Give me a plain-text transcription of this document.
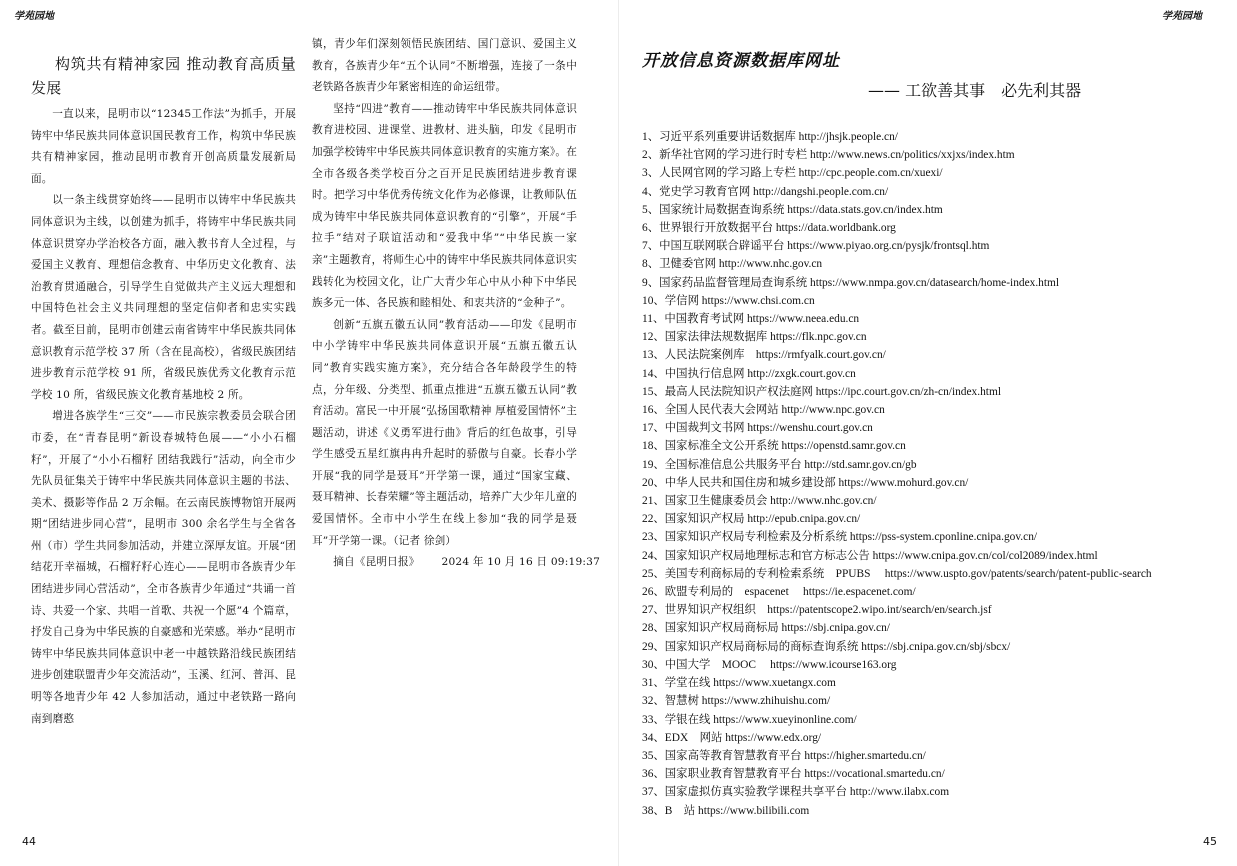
学苑园地	学苑园地
构筑共有精神家园 推动教育高质量发展

一直以来，昆明市以“12345工作法”为抓手，开展铸牢中华民族共同体意识国民教育工作，构筑中华民族共有精神家园，推动昆明市教育开创高质量发展新局面。

以一条主线贯穿始终——昆明市以铸牢中华民族共同体意识为主线，以创建为抓手，将铸牢中华民族共同体意识贯穿办学治校各方面，融入教书育人全过程，与爱国主义教育、理想信念教育、中华历史文化教育、法治教育贯通融合，引导学生自觉做共产主义远大理想和中国特色社会主义共同理想的坚定信仰者和忠实实践者。截至目前，昆明市创建云南省铸牢中华民族共同体意识教育示范学校 37 所（含在昆高校），省级民族团结进步教育示范学校 91 所，省级民族优秀文化教育示范学校 10 所，省级民族文化教育基地校 2 所。

增进各族学生“三交”——市民族宗教委员会联合团市委，在“青春昆明”新设春城特色展——“小小石榴籽”，开展了“小小石榴籽 团结我践行”活动，向全市少先队员征集关于铸牢中华民族共同体意识主题的书法、美术、摄影等作品 2 万余幅。在云南民族博物馆开展两期“团结进步同心营”，昆明市 300 余名学生与全省各州（市）学生共同参加活动，并建立深厚友谊。开展“团结花开幸福城，石榴籽籽心连心——昆明市各族青少年团结进步同心营活动”，全市各族青少年通过“共诵一首诗、共爱一个家、共唱一首歌、共祝一个愿”4 个篇章，抒发自己身为中华民族的自豪感和光荣感。举办“昆明市铸牢中华民族共同体意识中老一中越铁路沿线民族团结进步创建联盟青少年交流活动”，玉溪、红河、普洱、昆明等各地青少年 42 人参加活动，通过中老铁路一路向南到磨憨

镇，青少年们深刻领悟民族团结、国门意识、爱国主义教育，各族青少年“五个认同”不断增强，连接了一条中老铁路各族青少年紧密相连的命运纽带。

坚持“四进”教育——推动铸牢中华民族共同体意识教育进校园、进课堂、进教材、进头脑，印发《昆明市加强学校铸牢中华民族共同体意识教育的实施方案》。在全市各级各类学校百分之百开足民族团结进步教育课时。把学习中华优秀传统文化作为必修课，让教师队伍成为铸牢中华民族共同体意识教育的“引擎”，开展“手拉手”结对子联谊活动和“爱我中华”“中华民族一家亲”主题教育，将师生心中的铸牢中华民族共同体意识实践转化为校园文化，让广大青少年心中从小种下中华民族多元一体、各民族和睦相处、和衷共济的“金种子”。

创新“五旗五徽五认同”教育活动——印发《昆明市中小学铸牢中华民族共同体意识开展“五旗五徽五认同”教育实践实施方案》，充分结合各年龄段学生的特点，分年级、分类型、抓重点推进“五旗五徽五认同”教育活动。富民一中开展“弘扬国歌精神 厚植爱国情怀”主题活动，讲述《义勇军进行曲》背后的红色故事，引导学生感受五星红旗冉冉升起时的骄傲与自豪。长春小学开展“我的同学是聂耳”开学第一课，通过“国家宝藏、聂耳精神、长春荣耀”等主题活动，培养广大少年儿童的爱国情怀。全市中小学生在线上参加“我的同学是聂耳”开学第一课。（记者 徐剑）

摘自《昆明日报》 2024 年 10 月 16 日 09:19:37

44
开放信息资源数据库网址
—— 工欲善其事　必先利其器
1、习近平系列重要讲话数据库 http://jhsjk.people.cn/
2、新华社官网的学习进行时专栏 http://www.news.cn/politics/xxjxs/index.htm
3、人民网官网的学习路上专栏 http://cpc.people.com.cn/xuexi/
4、党史学习教育官网 http://dangshi.people.com.cn/
5、国家统计局数据查询系统 https://data.stats.gov.cn/index.htm
6、世界银行开放数据平台 https://data.worldbank.org
7、中国互联网联合辟谣平台 https://www.piyao.org.cn/pysjk/frontsql.htm
8、卫健委官网 http://www.nhc.gov.cn
9、国家药品监督管理局查询系统 https://www.nmpa.gov.cn/datasearch/home-index.html
10、学信网 https://www.chsi.com.cn
11、中国教育考试网 https://www.neea.edu.cn
12、国家法律法规数据库 https://flk.npc.gov.cn
13、人民法院案例库　https://rmfyalk.court.gov.cn/
14、中国执行信息网 http://zxgk.court.gov.cn
15、最高人民法院知识产权法庭网 https://ipc.court.gov.cn/zh-cn/index.html
16、全国人民代表大会网站 http://www.npc.gov.cn
17、中国裁判文书网 https://wenshu.court.gov.cn
18、国家标准全文公开系统 https://openstd.samr.gov.cn
19、全国标准信息公共服务平台 http://std.samr.gov.cn/gb
20、中华人民共和国住房和城乡建设部 https://www.mohurd.gov.cn/
21、国家卫生健康委员会 http://www.nhc.gov.cn/
22、国家知识产权局 http://epub.cnipa.gov.cn/
23、国家知识产权局专利检索及分析系统 https://pss-system.cponline.cnipa.gov.cn/
24、国家知识产权局地理标志和官方标志公告 https://www.cnipa.gov.cn/col/col2089/index.html
25、美国专利商标局的专利检索系统　PPUBS　 https://www.uspto.gov/patents/search/patent-public-search
26、欧盟专利局的　espacenet　 https://ie.espacenet.com/
27、世界知识产权组织　https://patentscope2.wipo.int/search/en/search.jsf
28、国家知识产权局商标局 https://sbj.cnipa.gov.cn/
29、国家知识产权局商标局的商标查询系统 https://sbj.cnipa.gov.cn/sbj/sbcx/
30、中国大学　MOOC　 https://www.icourse163.org
31、学堂在线 https://www.xuetangx.com
32、智慧树 https://www.zhihuishu.com/
33、学银在线 https://www.xueyinonline.com/
34、EDX　网站 https://www.edx.org/
35、国家高等教育智慧教育平台 https://higher.smartedu.cn/
36、国家职业教育智慧教育平台 https://vocational.smartedu.cn/
37、国家虚拟仿真实验教学课程共享平台 http://www.ilabx.com
38、B　站 https://www.bilibili.com
45
